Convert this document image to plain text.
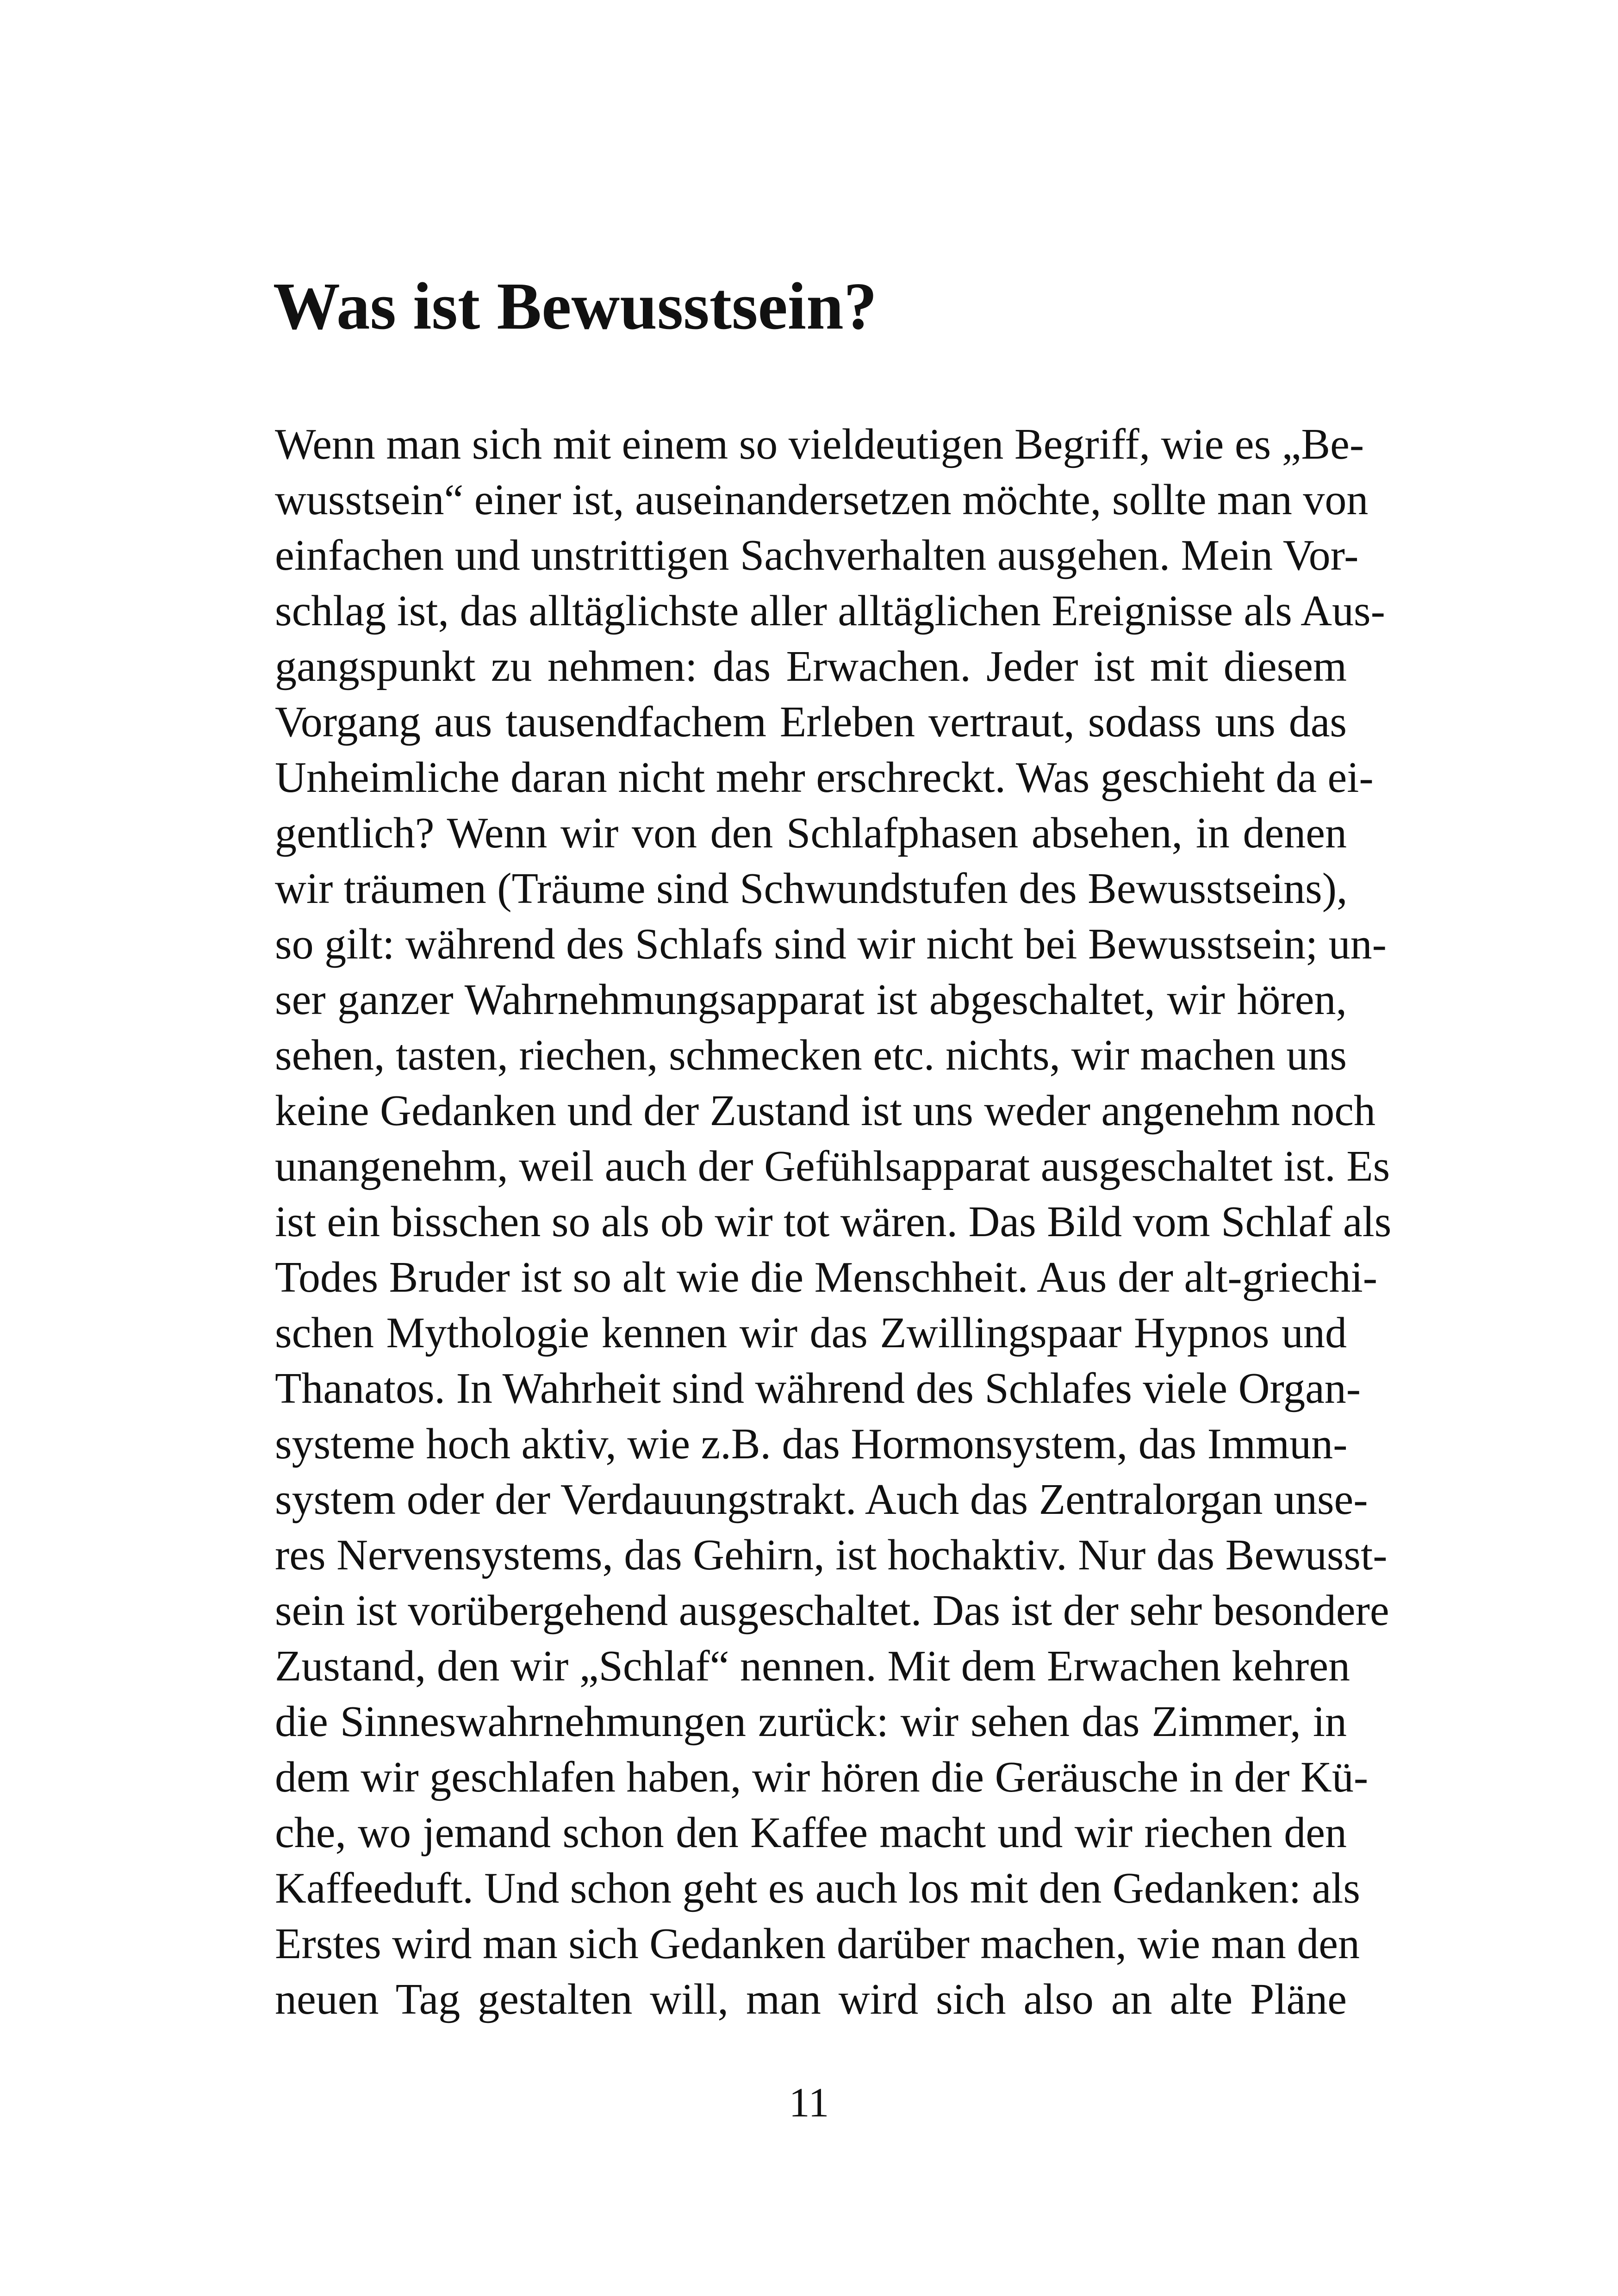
Was ist Bewusstsein?
Wenn man sich mit einem so vieldeutigen Begriff, wie es „Be-
wusstsein“ einer ist, auseinandersetzen möchte, sollte man von
einfachen und unstrittigen Sachverhalten ausgehen. Mein Vor-
schlag ist, das alltäglichste aller alltäglichen Ereignisse als Aus-
gangspunkt zu nehmen: das Erwachen. Jeder ist mit diesem
Vorgang aus tausendfachem Erleben vertraut, sodass uns das
Unheimliche daran nicht mehr erschreckt. Was geschieht da ei-
gentlich? Wenn wir von den Schlafphasen absehen, in denen
wir träumen (Träume sind Schwundstufen des Bewusstseins),
so gilt: während des Schlafs sind wir nicht bei Bewusstsein; un-
ser ganzer Wahrnehmungsapparat ist abgeschaltet, wir hören,
sehen, tasten, riechen, schmecken etc. nichts, wir machen uns
keine Gedanken und der Zustand ist uns weder angenehm noch
unangenehm, weil auch der Gefühlsapparat ausgeschaltet ist. Es
ist ein bisschen so als ob wir tot wären. Das Bild vom Schlaf als
Todes Bruder ist so alt wie die Menschheit. Aus der alt-griechi-
schen Mythologie kennen wir das Zwillingspaar Hypnos und
Thanatos. In Wahrheit sind während des Schlafes viele Organ-
systeme hoch aktiv, wie z.B. das Hormonsystem, das Immun-
system oder der Verdauungstrakt. Auch das Zentralorgan unse-
res Nervensystems, das Gehirn, ist hochaktiv. Nur das Bewusst-
sein ist vorübergehend ausgeschaltet. Das ist der sehr besondere
Zustand, den wir „Schlaf“ nennen. Mit dem Erwachen kehren
die Sinneswahrnehmungen zurück: wir sehen das Zimmer, in
dem wir geschlafen haben, wir hören die Geräusche in der Kü-
che, wo jemand schon den Kaffee macht und wir riechen den
Kaffeeduft. Und schon geht es auch los mit den Gedanken: als
Erstes wird man sich Gedanken darüber machen, wie man den
neuen Tag gestalten will, man wird sich also an alte Pläne
11
